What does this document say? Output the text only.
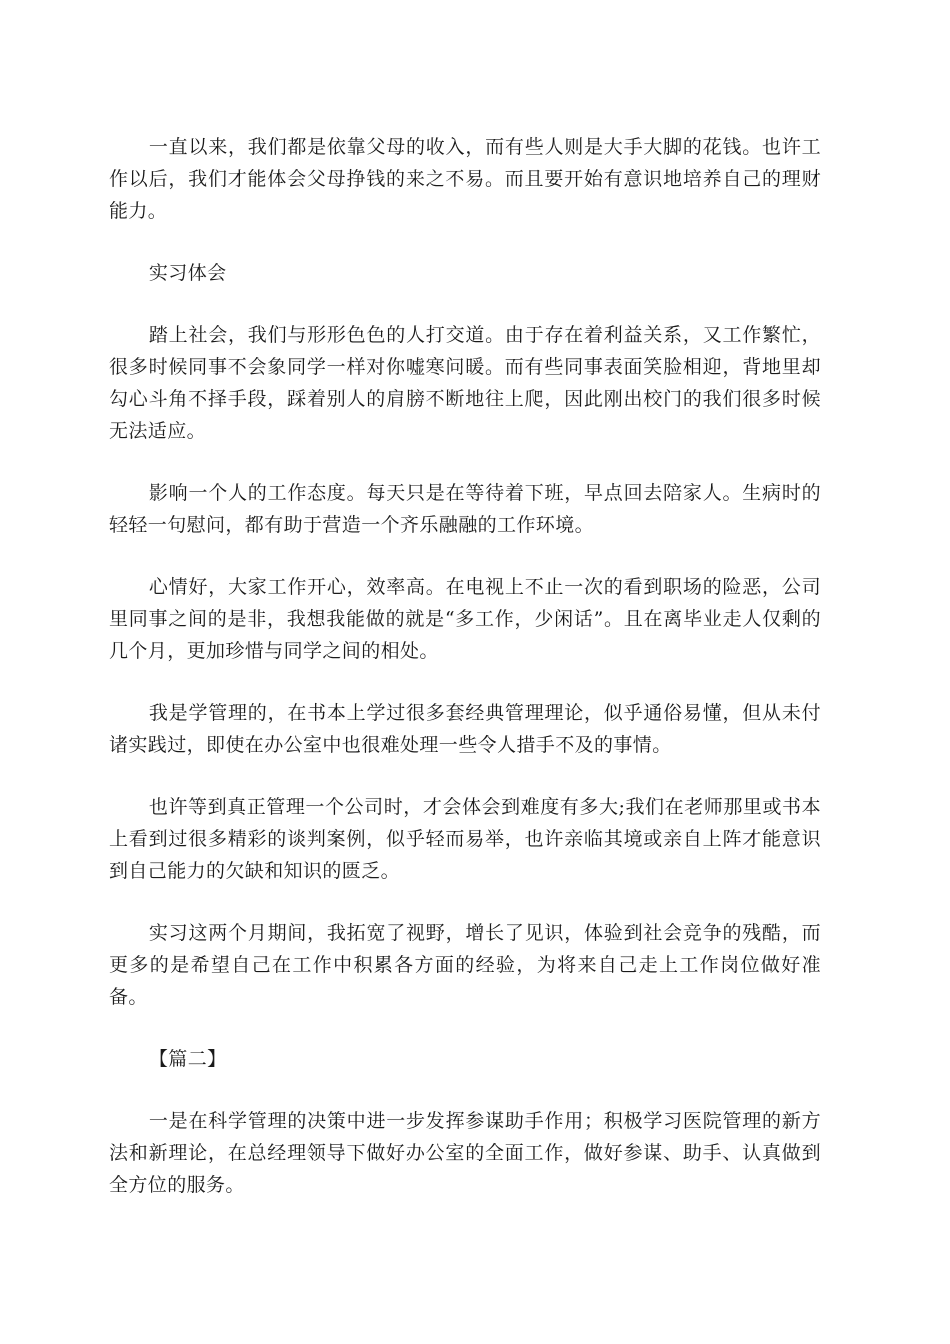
一直以来，我们都是依靠父母的收入，而有些人则是大手大脚的花钱。也许工作以后，我们才能体会父母挣钱的来之不易。而且要开始有意识地培养自己的理财能力。

实习体会

踏上社会，我们与形形色色的人打交道。由于存在着利益关系，又工作繁忙，很多时候同事不会象同学一样对你嘘寒问暖。而有些同事表面笑脸相迎，背地里却勾心斗角不择手段，踩着别人的肩膀不断地往上爬，因此刚出校门的我们很多时候无法适应。

影响一个人的工作态度。每天只是在等待着下班，早点回去陪家人。生病时的轻轻一句慰问，都有助于营造一个齐乐融融的工作环境。

心情好，大家工作开心，效率高。在电视上不止一次的看到职场的险恶，公司里同事之间的是非，我想我能做的就是“多工作，少闲话”。且在离毕业走人仅剩的几个月，更加珍惜与同学之间的相处。

我是学管理的，在书本上学过很多套经典管理理论，似乎通俗易懂，但从未付诸实践过，即使在办公室中也很难处理一些令人措手不及的事情。

也许等到真正管理一个公司时，才会体会到难度有多大;我们在老师那里或书本上看到过很多精彩的谈判案例，似乎轻而易举，也许亲临其境或亲自上阵才能意识到自己能力的欠缺和知识的匮乏。

实习这两个月期间，我拓宽了视野，增长了见识，体验到社会竞争的残酷，而更多的是希望自己在工作中积累各方面的经验，为将来自己走上工作岗位做好准备。

【篇二】

一是在科学管理的决策中进一步发挥参谋助手作用；积极学习医院管理的新方法和新理论，在总经理领导下做好办公室的全面工作，做好参谋、助手、认真做到全方位的服务。
